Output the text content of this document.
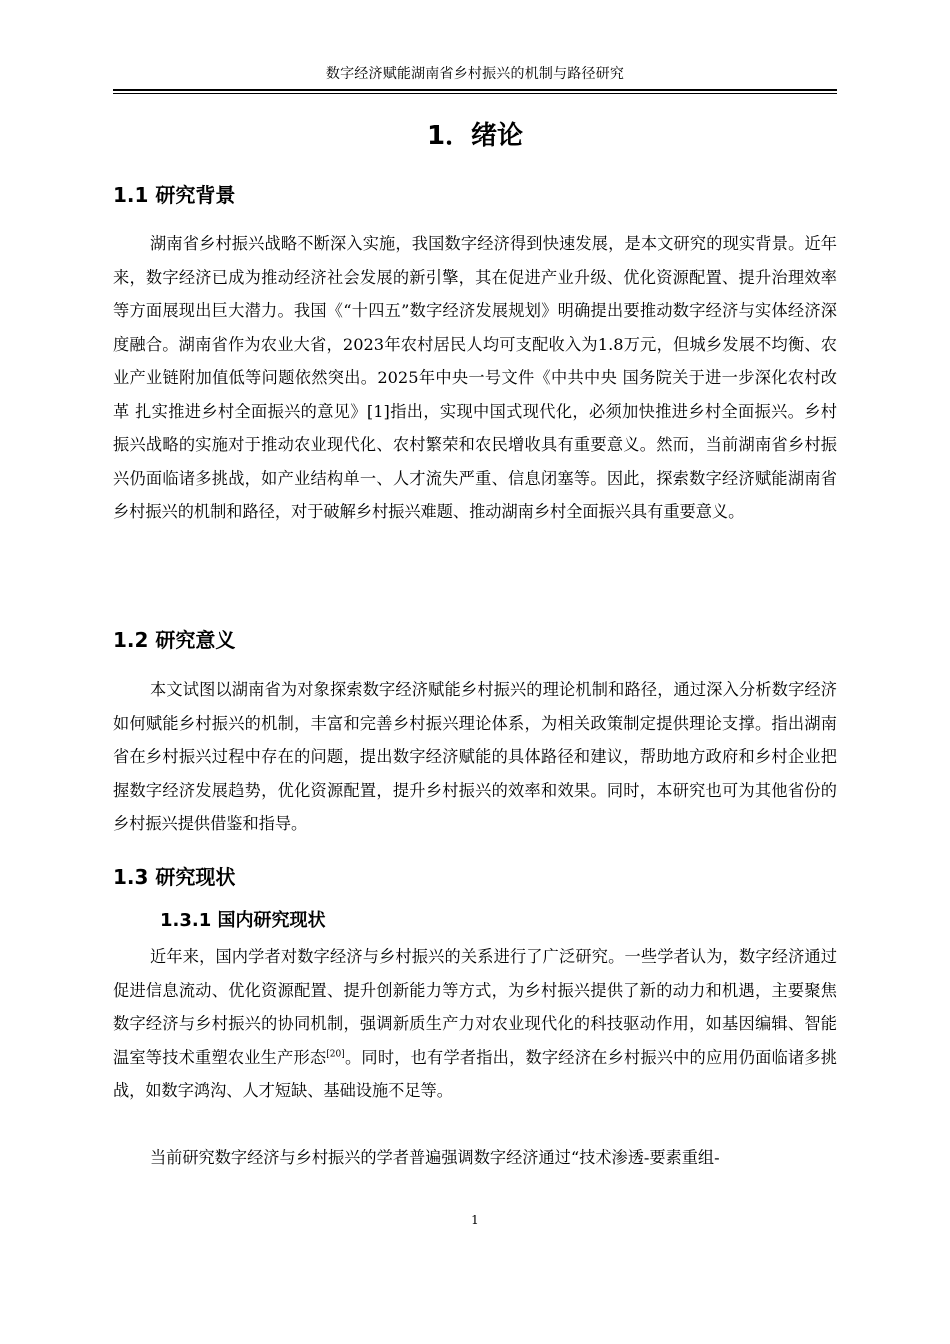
数字经济赋能湖南省乡村振兴的机制与路径研究
1．绪论
1.1 研究背景

湖南省乡村振兴战略不断深入实施，我国数字经济得到快速发展，是本文研究的现实背景。近年来，数字经济已成为推动经济社会发展的新引擎，其在促进产业升级、优化资源配置、提升治理效率等方面展现出巨大潜力。我国《“十四五”数字经济发展规划》明确提出要推动数字经济与实体经济深度融合。湖南省作为农业大省，2023年农村居民人均可支配收入为1.8万元，但城乡发展不均衡、农业产业链附加值低等问题依然突出。2025年中央一号文件《中共中央 国务院关于进一步深化农村改革 扎实推进乡村全面振兴的意见》[1]指出，实现中国式现代化，必须加快推进乡村全面振兴。乡村振兴战略的实施对于推动农业现代化、农村繁荣和农民增收具有重要意义。然而，当前湖南省乡村振兴仍面临诸多挑战，如产业结构单一、人才流失严重、信息闭塞等。因此，探索数字经济赋能湖南省乡村振兴的机制和路径，对于破解乡村振兴难题、推动湖南乡村全面振兴具有重要意义。

1.2 研究意义

本文试图以湖南省为对象探索数字经济赋能乡村振兴的理论机制和路径，通过深入分析数字经济如何赋能乡村振兴的机制，丰富和完善乡村振兴理论体系，为相关政策制定提供理论支撑。指出湖南省在乡村振兴过程中存在的问题，提出数字经济赋能的具体路径和建议，帮助地方政府和乡村企业把握数字经济发展趋势，优化资源配置，提升乡村振兴的效率和效果。同时，本研究也可为其他省份的乡村振兴提供借鉴和指导。

1.3 研究现状
1.3.1 国内研究现状

近年来，国内学者对数字经济与乡村振兴的关系进行了广泛研究。一些学者认为，数字经济通过促进信息流动、优化资源配置、提升创新能力等方式，为乡村振兴提供了新的动力和机遇，主要聚焦数字经济与乡村振兴的协同机制，强调新质生产力对农业现代化的科技驱动作用，如基因编辑、智能温室等技术重塑农业生产形态[20]。同时，也有学者指出，数字经济在乡村振兴中的应用仍面临诸多挑战，如数字鸿沟、人才短缺、基础设施不足等。

当前研究数字经济与乡村振兴的学者普遍强调数字经济通过“技术渗透-要素重组-

1
